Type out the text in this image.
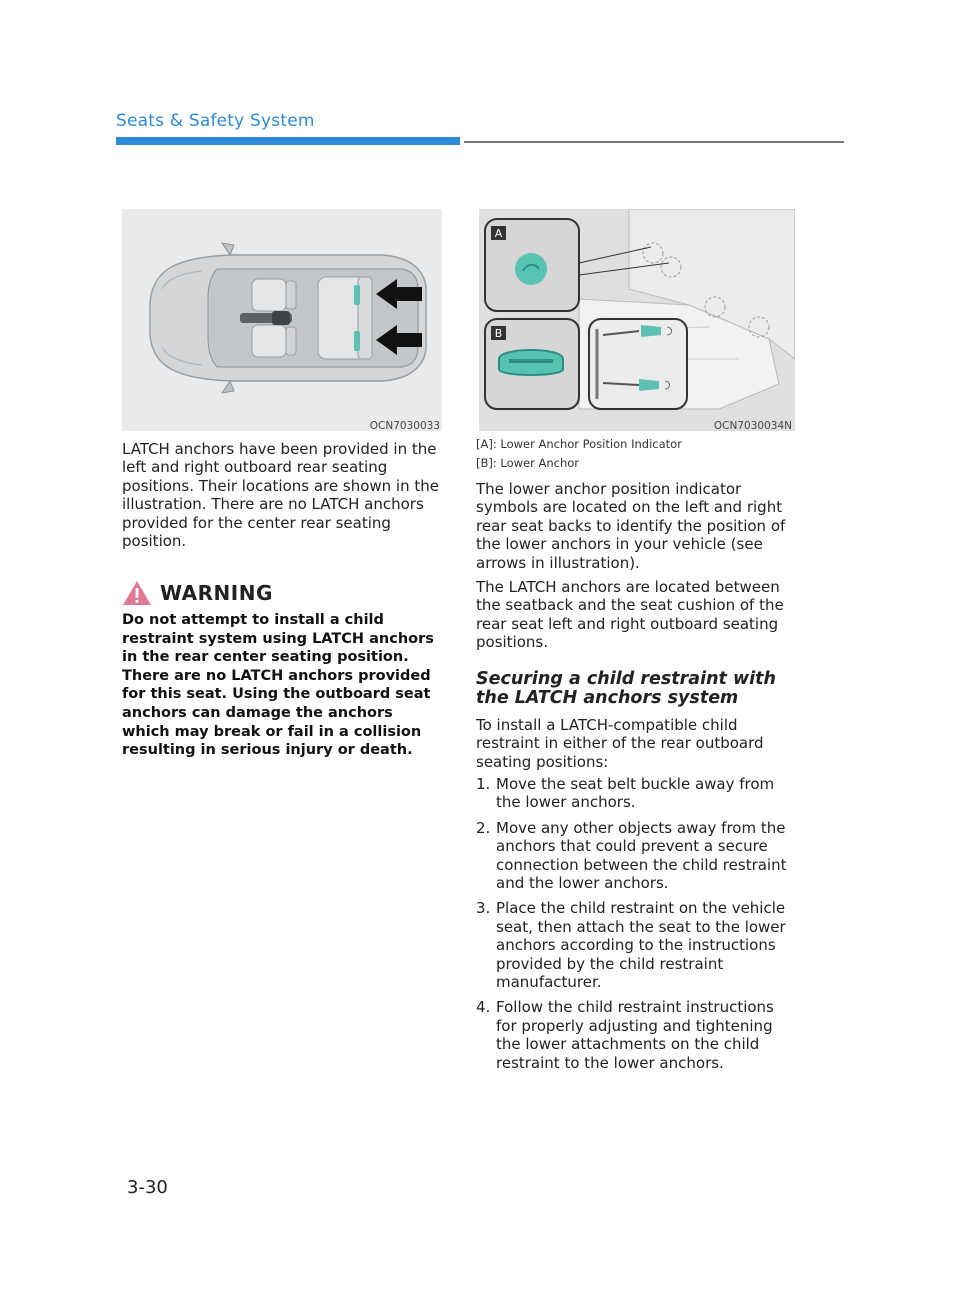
Seats & Safety System
OCN7030033
A
B
OCN7030034N
LATCH anchors have been provided in the left and right outboard rear seating positions. Their locations are shown in the illustration. There are no LATCH anchors provided for the center rear seating position.
WARNING
Do not attempt to install a child restraint system using LATCH anchors in the rear center seating position. There are no LATCH anchors provided for this seat. Using the outboard seat anchors can damage the anchors which may break or fail in a collision resulting in serious injury or death.
[A]: Lower Anchor Position Indicator
[B]: Lower Anchor
The lower anchor position indicator symbols are located on the left and right rear seat backs to identify the position of the lower anchors in your vehicle (see arrows in illustration).
The LATCH anchors are located between the seatback and the seat cushion of the rear seat left and right outboard seating positions.
Securing a child restraint with the LATCH anchors system
To install a LATCH-compatible child restraint in either of the rear outboard seating positions:
1. Move the seat belt buckle away from the lower anchors.
2. Move any other objects away from the anchors that could prevent a secure connection between the child restraint and the lower anchors.
3. Place the child restraint on the vehicle seat, then attach the seat to the lower anchors according to the instructions provided by the child restraint manufacturer.
4. Follow the child restraint instructions for properly adjusting and tightening the lower attachments on the child restraint to the lower anchors.
3-30
